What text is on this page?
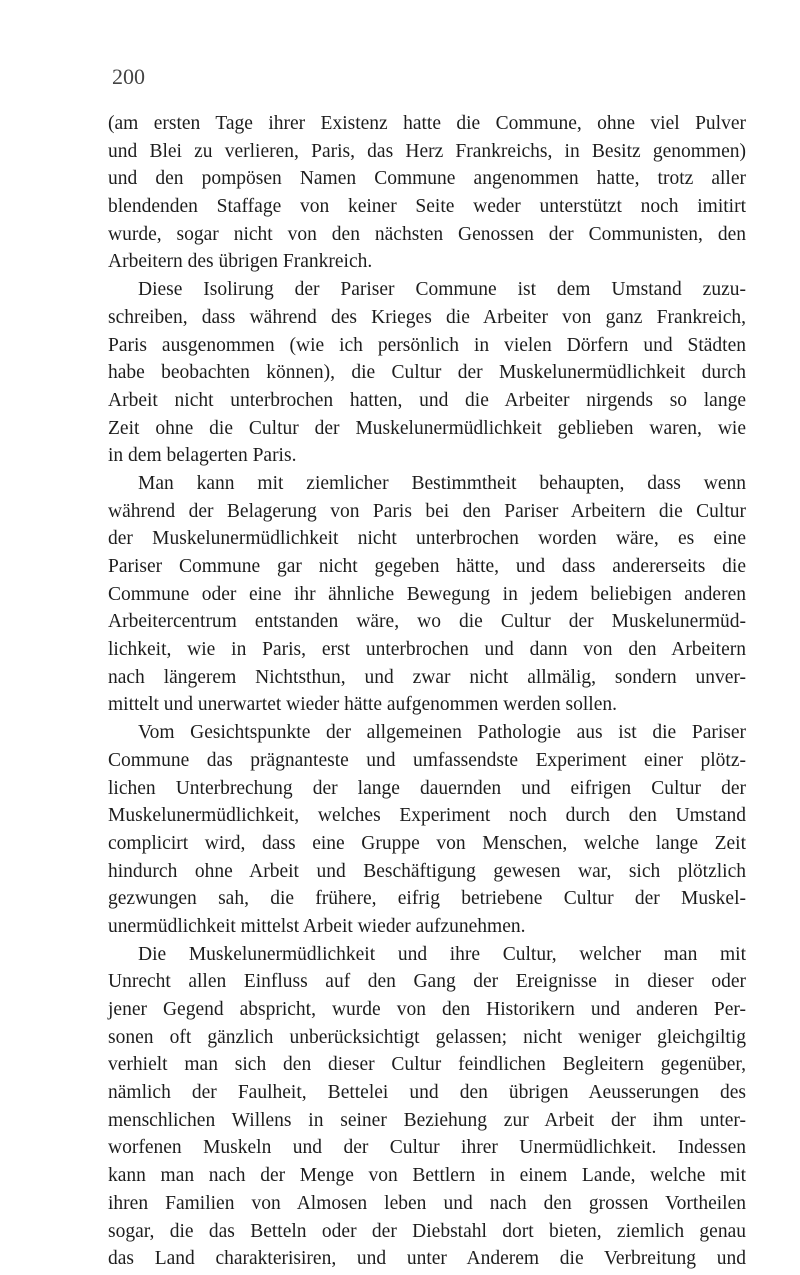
200
(am ersten Tage ihrer Existenz hatte die Commune, ohne viel Pulver
und Blei zu verlieren, Paris, das Herz Frankreichs, in Besitz genommen)
und den pompösen Namen Commune angenommen hatte, trotz aller
blendenden Staffage von keiner Seite weder unterstützt noch imitirt
wurde, sogar nicht von den nächsten Genossen der Communisten, den
Arbeitern des übrigen Frankreich.
Diese Isolirung der Pariser Commune ist dem Umstand zuzu-
schreiben, dass während des Krieges die Arbeiter von ganz Frankreich,
Paris ausgenommen (wie ich persönlich in vielen Dörfern und Städten
habe beobachten können), die Cultur der Muskelunermüdlichkeit durch
Arbeit nicht unterbrochen hatten, und die Arbeiter nirgends so lange
Zeit ohne die Cultur der Muskelunermüdlichkeit geblieben waren, wie
in dem belagerten Paris.
Man kann mit ziemlicher Bestimmtheit behaupten, dass wenn
während der Belagerung von Paris bei den Pariser Arbeitern die Cultur
der Muskelunermüdlichkeit nicht unterbrochen worden wäre, es eine
Pariser Commune gar nicht gegeben hätte, und dass andererseits die
Commune oder eine ihr ähnliche Bewegung in jedem beliebigen anderen
Arbeitercentrum entstanden wäre, wo die Cultur der Muskelunermüd-
lichkeit, wie in Paris, erst unterbrochen und dann von den Arbeitern
nach längerem Nichtsthun, und zwar nicht allmälig, sondern unver-
mittelt und unerwartet wieder hätte aufgenommen werden sollen.
Vom Gesichtspunkte der allgemeinen Pathologie aus ist die Pariser
Commune das prägnanteste und umfassendste Experiment einer plötz-
lichen Unterbrechung der lange dauernden und eifrigen Cultur der
Muskelunermüdlichkeit, welches Experiment noch durch den Umstand
complicirt wird, dass eine Gruppe von Menschen, welche lange Zeit
hindurch ohne Arbeit und Beschäftigung gewesen war, sich plötzlich
gezwungen sah, die frühere, eifrig betriebene Cultur der Muskel-
unermüdlichkeit mittelst Arbeit wieder aufzunehmen.
Die Muskelunermüdlichkeit und ihre Cultur, welcher man mit
Unrecht allen Einfluss auf den Gang der Ereignisse in dieser oder
jener Gegend abspricht, wurde von den Historikern und anderen Per-
sonen oft gänzlich unberücksichtigt gelassen; nicht weniger gleichgiltig
verhielt man sich den dieser Cultur feindlichen Begleitern gegenüber,
nämlich der Faulheit, Bettelei und den übrigen Aeusserungen des
menschlichen Willens in seiner Beziehung zur Arbeit der ihm unter-
worfenen Muskeln und der Cultur ihrer Unermüdlichkeit. Indessen
kann man nach der Menge von Bettlern in einem Lande, welche mit
ihren Familien von Almosen leben und nach den grossen Vortheilen
sogar, die das Betteln oder der Diebstahl dort bieten, ziemlich genau
das Land charakterisiren, und unter Anderem die Verbreitung und
